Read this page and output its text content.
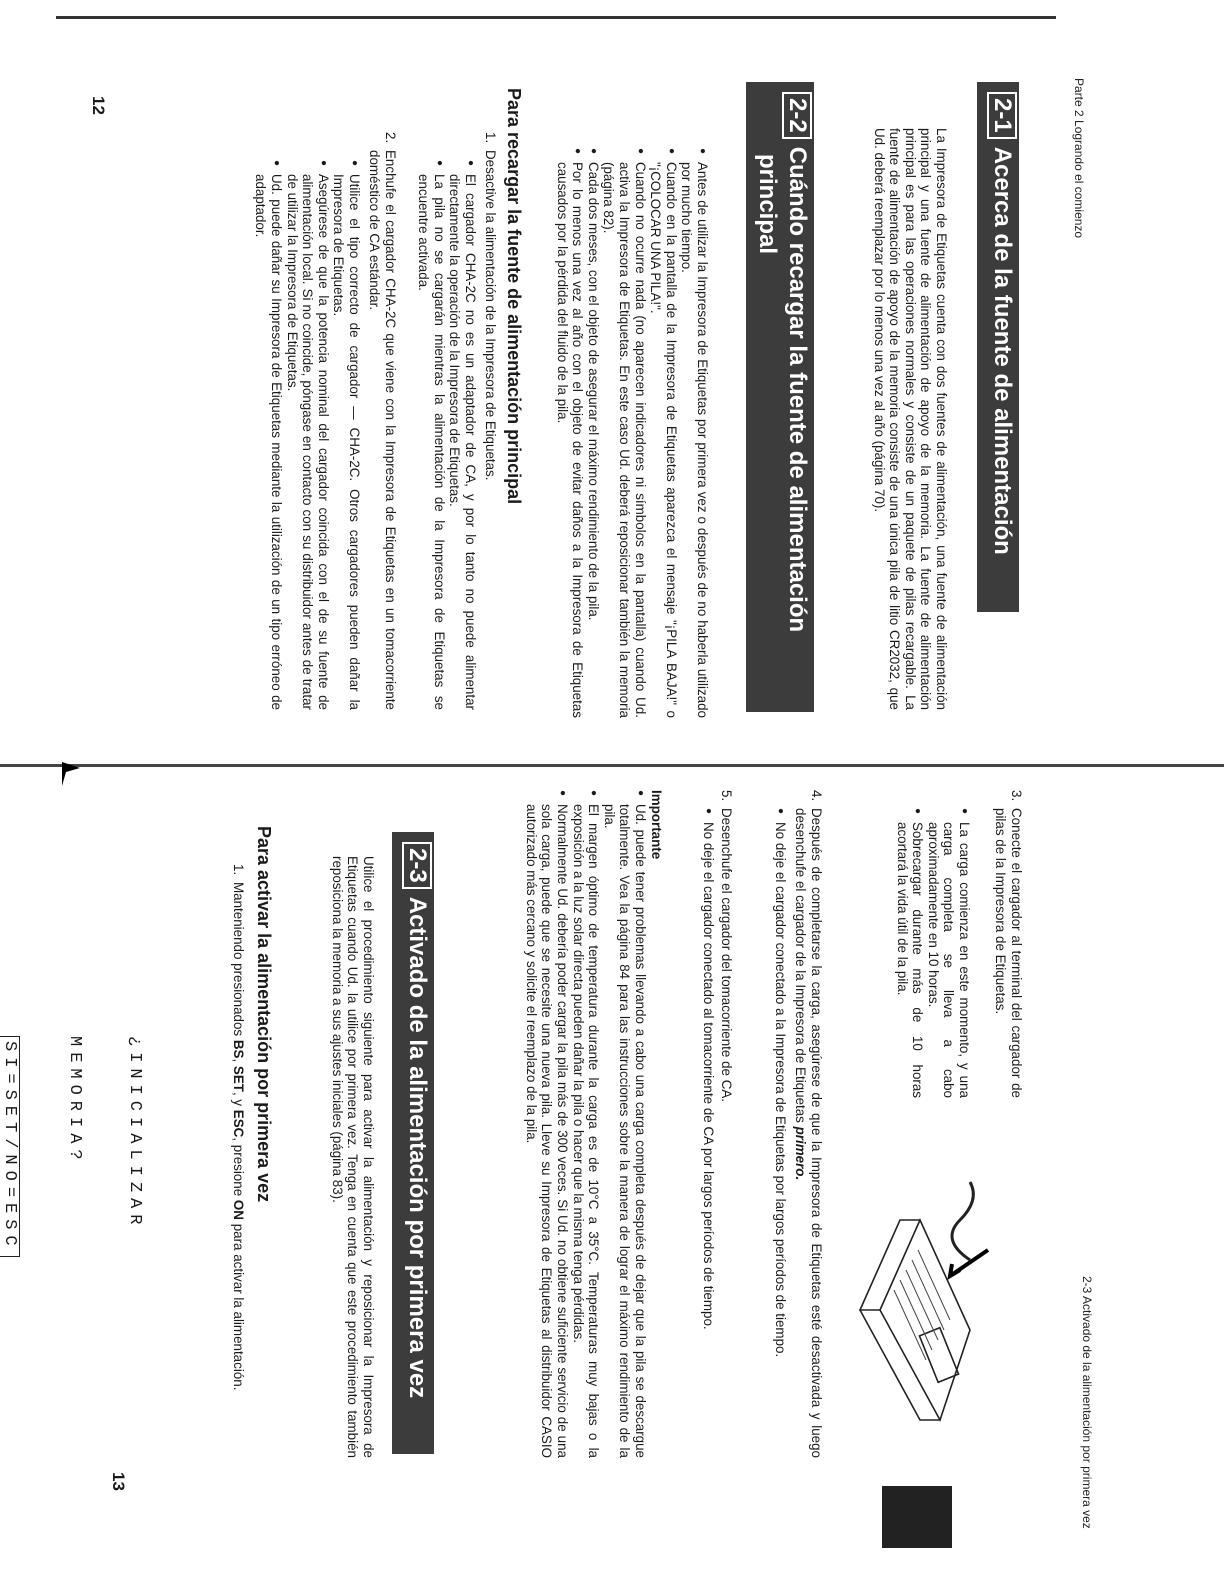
Parte 2 Logrando el comienzo
12	2-1Acerca de la fuente de alimentación

La Impresora de Etiquetas cuenta con dos fuentes de alimentación, una fuente de alimentación principal y una fuente de alimentación de apoyo de la memoria. La fuente de alimentación principal es para las operaciones normales y consiste de un paquete de pilas recargable. La fuente de alimentación de apoyo de la memoria consiste de una única pila de litio CR2032, que Ud. deberá reemplazar por lo menos una vez al año (página 70).

2-2Cuándo recargar la fuente de alimentación
principal
● Antes de utilizar la Impresora de Etiquetas por primera vez o después de no haberla utilizado por mucho tiempo.
● Cuando en la pantalla de la Impresora de Etiquetas aparezca el mensaje "¡PILA BAJA!" o "¡COLOCAR UNA PILA!".
● Cuando no ocurre nada (no aparecen indicadores ni símbolos en la pantalla) cuando Ud. activa la Impresora de Etiquetas. En este caso Ud. deberá reposicionar también la memoria (página 82).
● Cada dos meses, con el objeto de asegurar el máximo rendimiento de la pila.
● Por lo menos una vez al año con el objeto de evitar daños a la Impresora de Etiquetas causados por la pérdida del fluido de la pila.
Para recargar la fuente de alimentación principal
1.
Desactive la alimentación de la Impresora de Etiquetas.
● El cargador CHA-2C no es un adaptador de CA, y por lo tanto no puede alimentar directamente la operación de la Impresora de Etiquetas.
● La pila no se cargarán mientras la alimentación de la Impresora de Etiquetas se encuentre activada.
2.
Enchufe el cargador CHA-2C que viene con la Impresora de Etiquetas en un tomacorriente doméstico de CA estándar.
● Utilice el tipo correcto de cargador — CHA-2C. Otros cargadores pueden dañar la Impresora de Etiquetas.
● Asegúrese de que la potencia nominal del cargador coincida con el de su fuente de alimentación local. Si no coincide, póngase en contacto con su distribuidor antes de tratar de utilizar la Impresora de Etiquetas.
● Ud. puede dañar su Impresora de Etiquetas mediante la utilización de un tipo erróneo de adaptador.
2-3 Activado de la alimentación por primera vez
13
3.
Conecte el cargador al terminal del cargador de pilas de la Impresora de Etiquetas.
● La carga comienza en este momento, y una carga completa se lleva a cabo aproximadamente en 10 horas.
● Sobrecargar durante más de 10 horas acortará la vida útil de la pila.
4.
Después de completarse la carga, asegúrese de que la Impresora de Etiquetas esté desactivada y luego desenchufe el cargador de la Impresora de Etiquetas primero.
● No deje el cargador conectado a la Impresora de Etiquetas por largos períodos de tiempo.
5.
Desenchufe el cargador del tomacorriente de CA.
● No deje el cargador conectado al tomacorriente de CA por largos períodos de tiempo.
Importante
● Ud. puede tener problemas llevando a cabo una carga completa después de dejar que la pila se descargue totalmente. Vea la página 84 para las instrucciones sobre la manera de lograr el máximo rendimiento de la pila.
● El margen óptimo de temperatura durante la carga es de 10°C a 35°C. Temperaturas muy bajas o la exposición a la luz solar directa pueden dañar la pila o hacer que la misma tenga pérdidas.
● Normalmente Ud. debería poder cargar la pila más de 300 veces. Si Ud. no obtiene suficiente servicio de una sola carga, puede que se necesite una nueva pila. Lleve su Impresora de Etiquetas al distribuidor CASIO autorizado más cercano y solicite el reemplazo de la pila.
2-3Activado de la alimentación por primera vez

Utilice el procedimiento siguiente para activar la alimentación y reposicionar la Impresora de Etiquetas cuando Ud. la utilice por primera vez. Tenga en cuenta que este procedimiento también reposiciona la memoria a sus ajustes iniciales (página 83).

Para activar la alimentación por primera vez
1.
Manteniendo presionados BS, SET, y ESC, presione ON para activar la alimentación.

¿INICIALIZAR

MEMORIA?

SI=SET/NO=ESC
